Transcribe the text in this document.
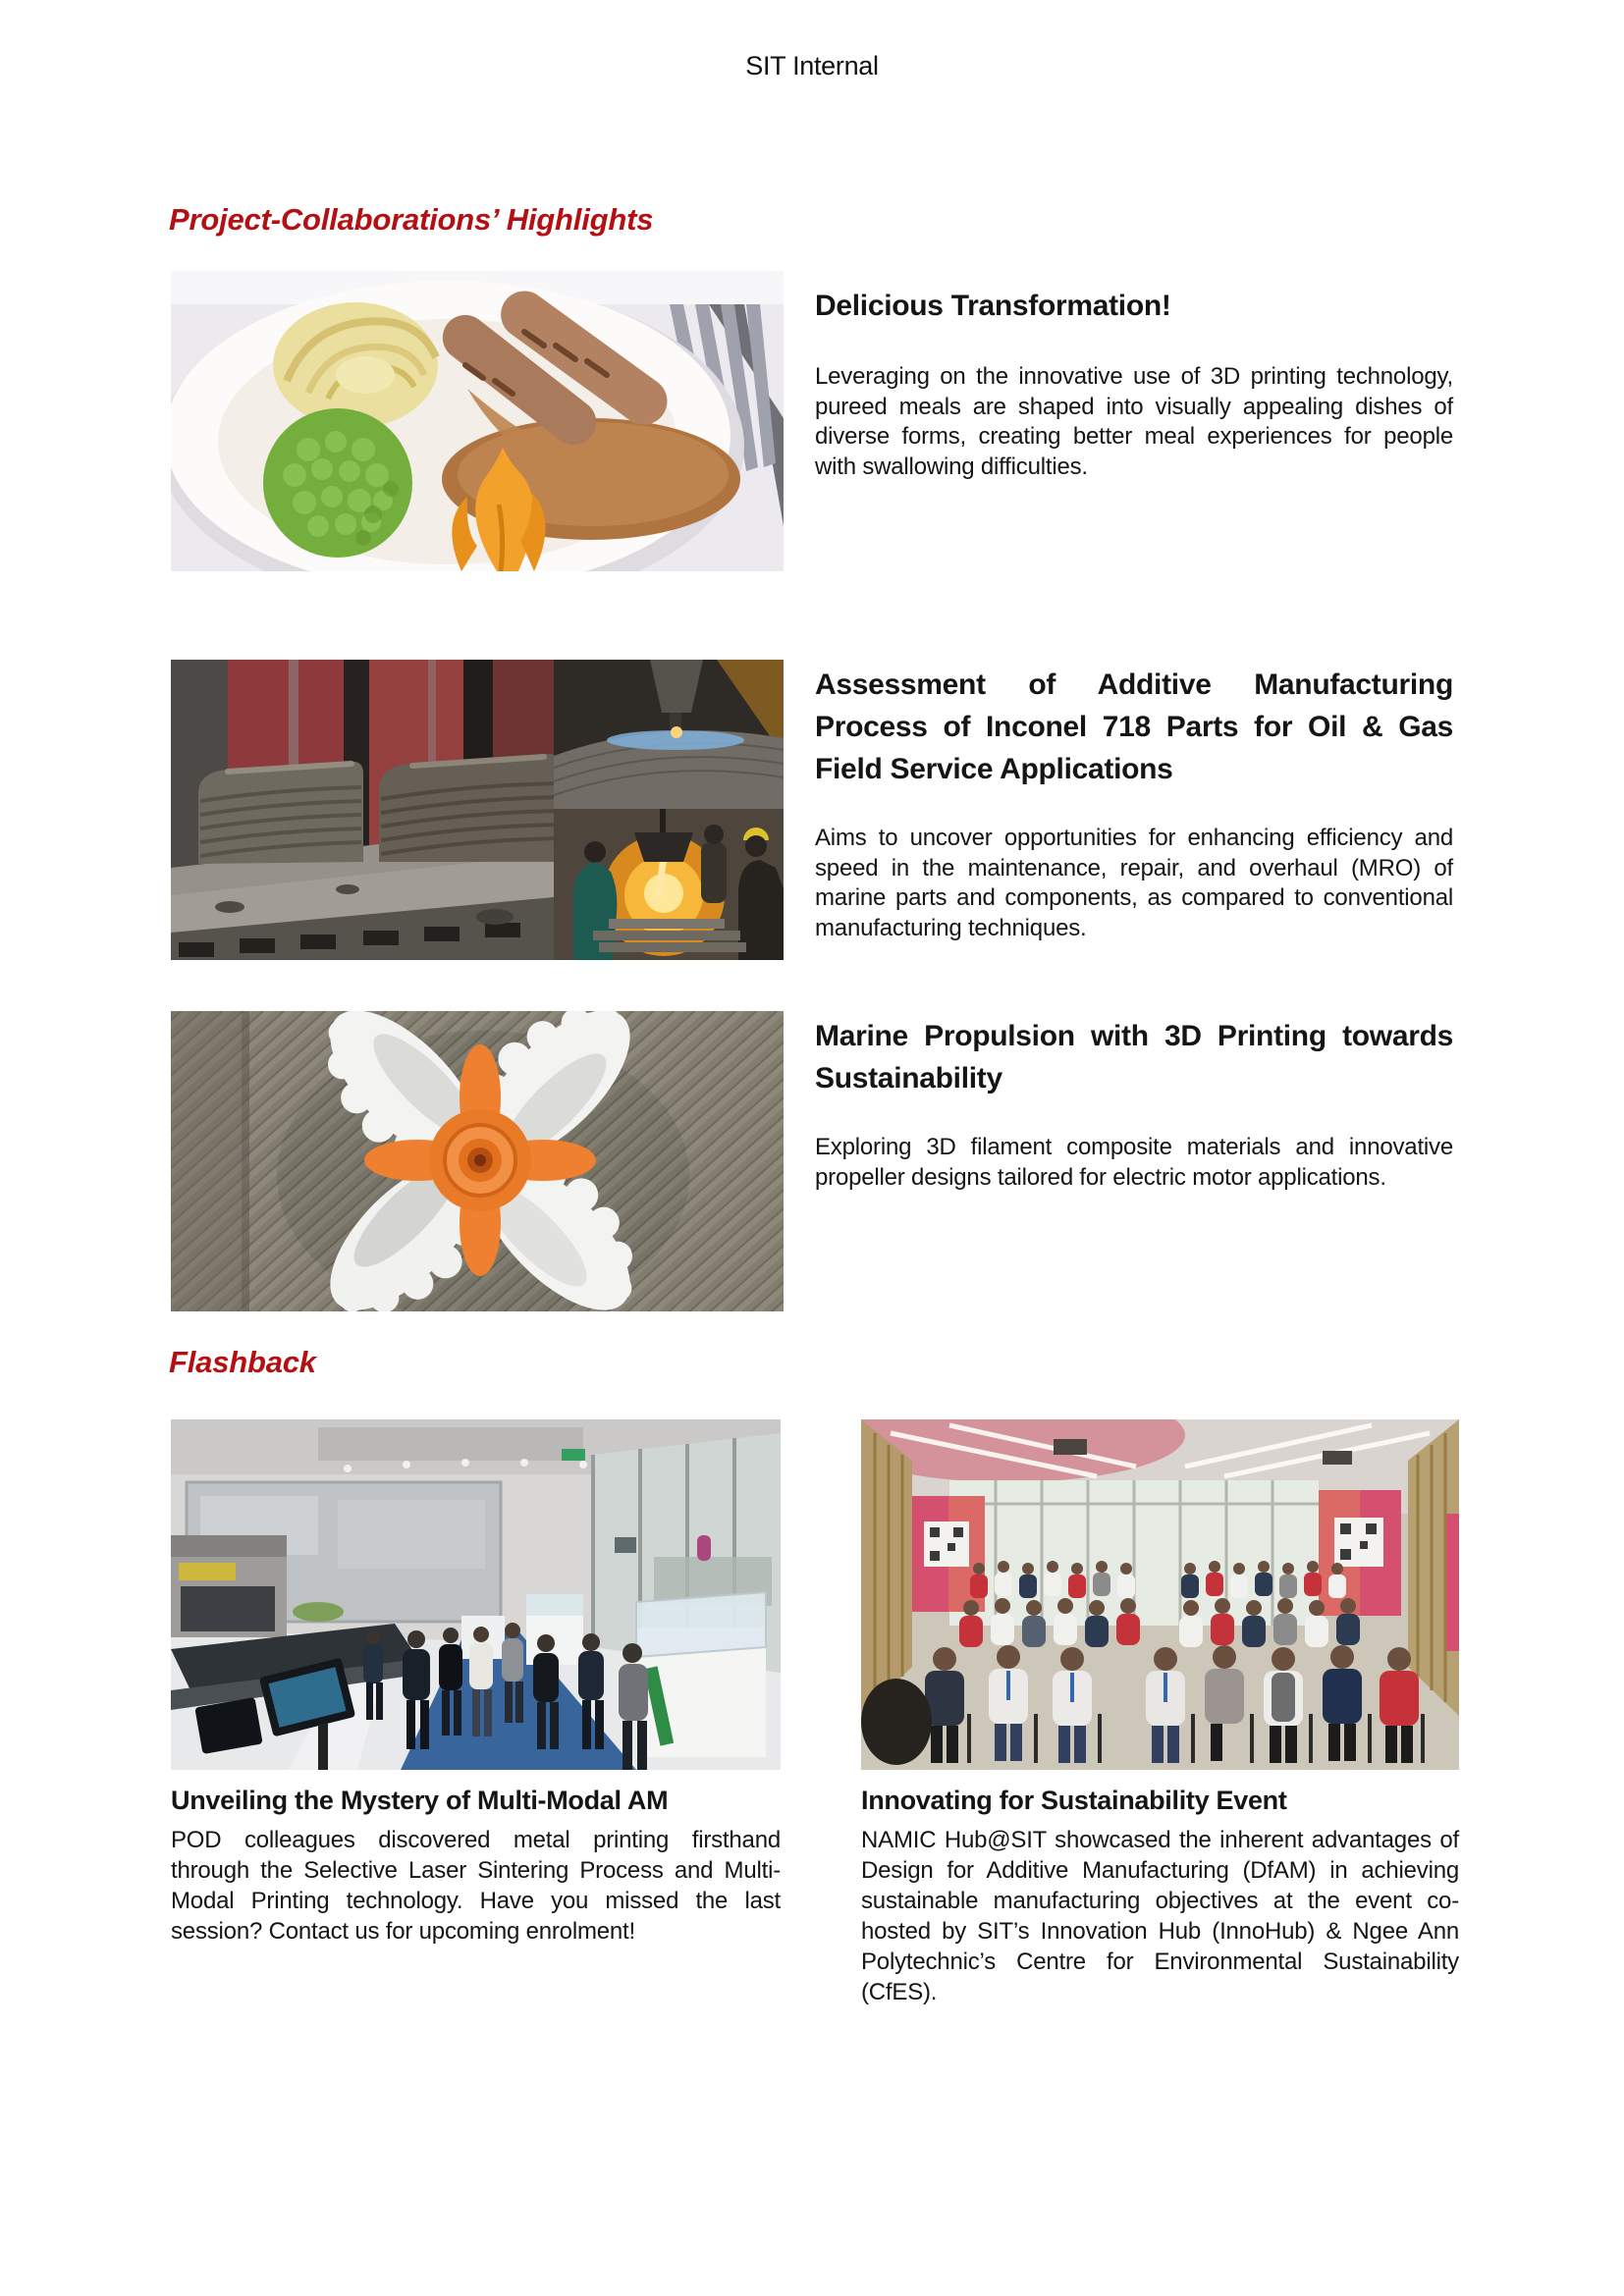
SIT Internal
Project-Collaborations’ Highlights
Delicious Transformation!

Leveraging on the innovative use of 3D printing technology, pureed meals are shaped into visually appealing dishes of diverse forms, creating better meal experiences for people with swallowing difficulties.

Assessment of Additive Manufacturing Process of Inconel 718 Parts for Oil & Gas Field Service Applications

Aims to uncover opportunities for enhancing efficiency and speed in the maintenance, repair, and overhaul (MRO) of marine parts and components, as compared to conventional manufacturing techniques.

Marine Propulsion with 3D Printing towards Sustainability

Exploring 3D filament composite materials and innovative propeller designs tailored for electric motor applications.

Flashback
Unveiling the Mystery of Multi-Modal AM

POD colleagues discovered metal printing firsthand through the Selective Laser Sintering Process and Multi-Modal Printing technology. Have you missed the last session? Contact us for upcoming enrolment!

Innovating for Sustainability Event

NAMIC Hub@SIT showcased the inherent advantages of Design for Additive Manufacturing (DfAM) in achieving sustainable manufacturing objectives at the event co-hosted by SIT’s Innovation Hub (InnoHub) & Ngee Ann Polytechnic’s Centre for Environmental Sustainability (CfES).
